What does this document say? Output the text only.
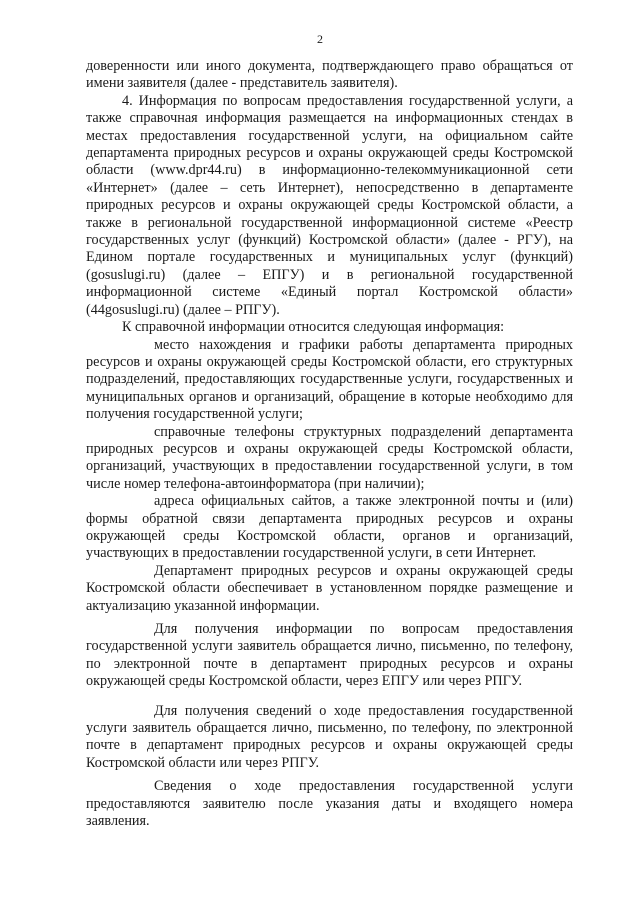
2

доверенности или иного документа, подтверждающего право обращаться от имени заявителя (далее - представитель заявителя).

4. Информация по вопросам предоставления государственной услуги, а также справочная информация размещается на информационных стендах в местах предоставления государственной услуги, на официальном сайте департамента природных ресурсов и охраны окружающей среды Костромской области (www.dpr44.ru) в информационно-телекоммуникационной сети «Интернет» (далее – сеть Интернет), непосредственно в департаменте природных ресурсов и охраны окружающей среды Костромской области, а также в региональной государственной информационной системе «Реестр государственных услуг (функций) Костромской области» (далее - РГУ), на Едином портале государственных и муниципальных услуг (функций) (gosuslugi.ru) (далее – ЕПГУ) и в региональной государственной информационной системе «Единый портал Костромской области» (44gosuslugi.ru) (далее – РПГУ).

К справочной информации относится следующая информация:

место нахождения и графики работы департамента природных ресурсов и охраны окружающей среды Костромской области, его структурных подразделений, предоставляющих государственные услуги, государственных и муниципальных органов и организаций, обращение в которые необходимо для получения государственной услуги;

справочные телефоны структурных подразделений департамента природных ресурсов и охраны окружающей среды Костромской области, организаций, участвующих в предоставлении государственной услуги, в том числе номер телефона-автоинформатора (при наличии);

адреса официальных сайтов, а также электронной почты и (или) формы обратной связи департамента природных ресурсов и охраны окружающей среды Костромской области, органов и организаций, участвующих в предоставлении государственной услуги, в сети Интернет.

Департамент природных ресурсов и охраны окружающей среды Костромской области обеспечивает в установленном порядке размещение и актуализацию указанной информации.

Для получения информации по вопросам предоставления государственной услуги заявитель обращается лично, письменно, по телефону, по электронной почте в департамент природных ресурсов и охраны окружающей среды Костромской области, через ЕПГУ или через РПГУ.

Для получения сведений о ходе предоставления государственной услуги заявитель обращается лично, письменно, по телефону, по электронной почте в департамент природных ресурсов и охраны окружающей среды Костромской области или через РПГУ.

Сведения о ходе предоставления государственной услуги предоставляются заявителю после указания даты и входящего номера заявления.
